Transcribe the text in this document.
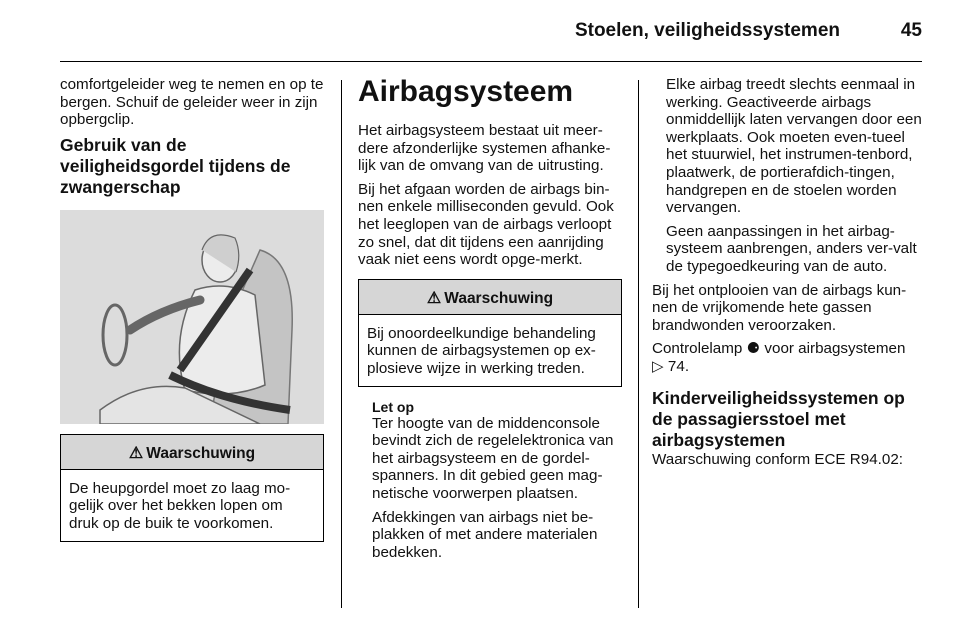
Stoelen, veiligheidssystemen	45

comfortgeleider weg te nemen en op te bergen. Schuif de geleider weer in zijn opbergclip.

Gebruik van de veiligheidsgordel tijdens de zwangerschap
⚠ Waarschuwing

De heupgordel moet zo laag mo-gelijk over het bekken lopen om druk op de buik te voorkomen.

Airbagsysteem

Het airbagsysteem bestaat uit meer-dere afzonderlijke systemen afhanke-lijk van de omvang van de uitrusting.

Bij het afgaan worden de airbags bin-nen enkele milliseconden gevuld. Ook het leeglopen van de airbags verloopt zo snel, dat dit tijdens een aanrijding vaak niet eens wordt opge-merkt.

⚠ Waarschuwing

Bij onoordeelkundige behandeling kunnen de airbagsystemen op ex-plosieve wijze in werking treden.

Let op

Ter hoogte van de middenconsole bevindt zich de regelelektronica van het airbagsysteem en de gordel-spanners. In dit gebied geen mag-netische voorwerpen plaatsen.

Afdekkingen van airbags niet be-plakken of met andere materialen bedekken.

Elke airbag treedt slechts eenmaal in werking. Geactiveerde airbags onmiddellijk laten vervangen door een werkplaats. Ook moeten even-tueel het stuurwiel, het instrumen-tenbord, plaatwerk, de portierafdich-tingen, handgrepen en de stoelen worden vervangen.

Geen aanpassingen in het airbag-systeem aanbrengen, anders ver-valt de typegoedkeuring van de auto.

Bij het ontplooien van de airbags kun-nen de vrijkomende hete gassen brandwonden veroorzaken.

Controlelamp ⚈ voor airbagsystemen
▷ 74.

Kinderveiligheidssystemen op de passagiersstoel met airbagsystemen

Waarschuwing conform ECE R94.02:
